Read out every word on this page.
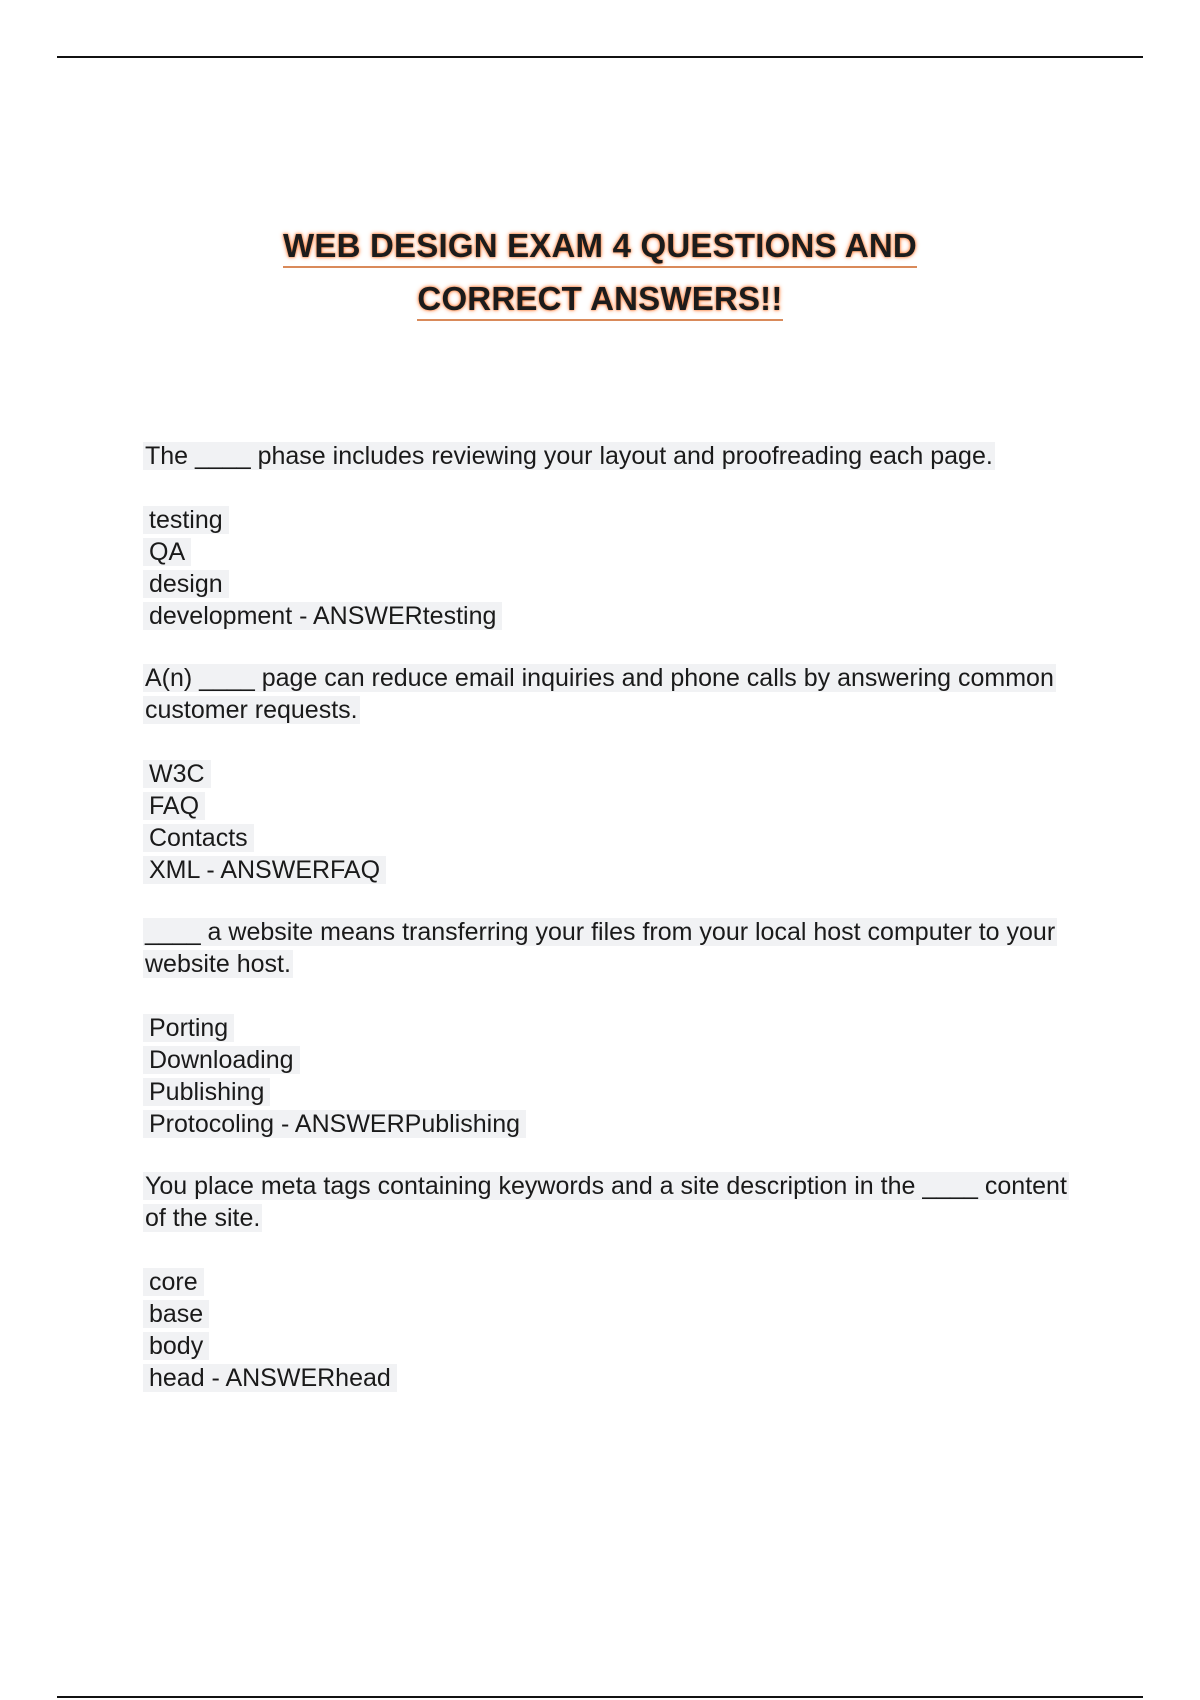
WEB DESIGN EXAM 4 QUESTIONS AND
CORRECT ANSWERS!!

The ____ phase includes reviewing your layout and proofreading each page.

testing
QA
design
development - ANSWERtesting

A(n) ____ page can reduce email inquiries and phone calls by answering common customer requests.

W3C
FAQ
Contacts
XML - ANSWERFAQ

____ a website means transferring your files from your local host computer to your website host.

Porting
Downloading
Publishing
Protocoling - ANSWERPublishing

You place meta tags containing keywords and a site description in the ____ content of the site.

core
base
body
head - ANSWERhead
